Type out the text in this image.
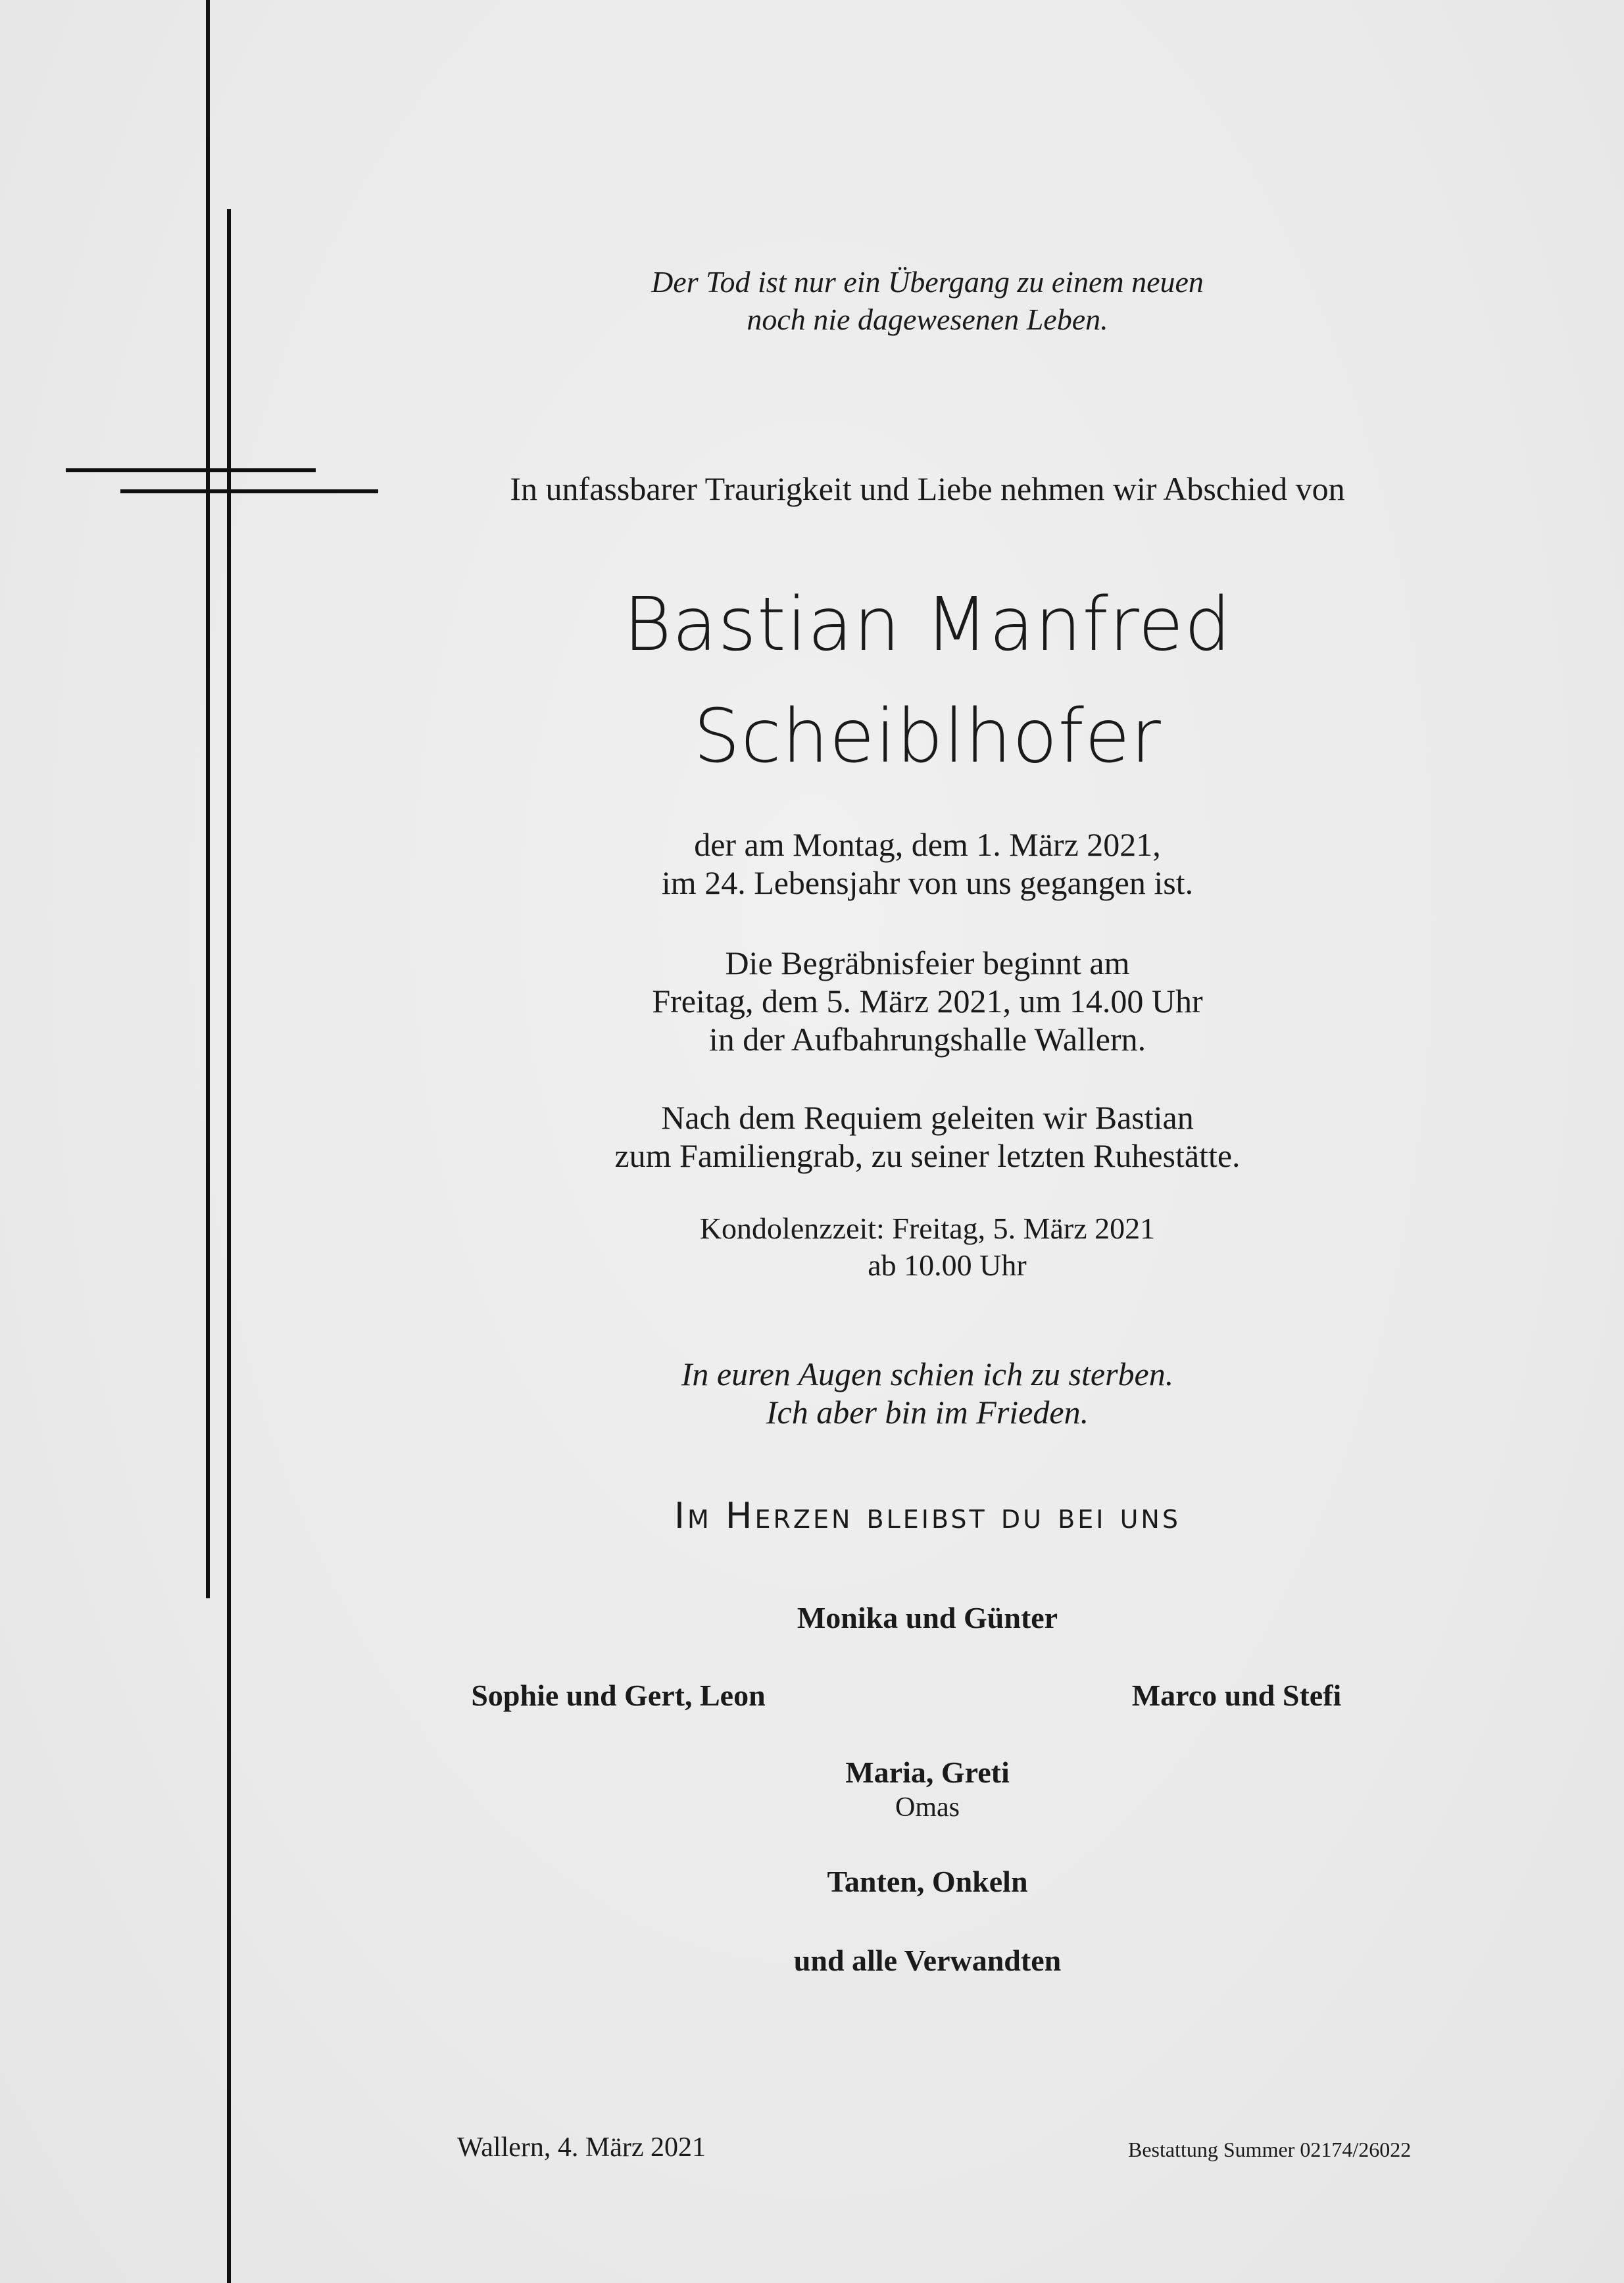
Der Tod ist nur ein Übergang zu einem neuen
noch nie dagewesenen Leben.
In unfassbarer Traurigkeit und Liebe nehmen wir Abschied von
Bastian Manfred
Scheiblhofer
der am Montag, dem 1. März 2021,
im 24. Lebensjahr von uns gegangen ist.
Die Begräbnisfeier beginnt am
Freitag, dem 5. März 2021, um 14.00 Uhr
in der Aufbahrungshalle Wallern.
Nach dem Requiem geleiten wir Bastian
zum Familiengrab, zu seiner letzten Ruhestätte.
Kondolenzzeit: Freitag, 5. März 2021
ab 10.00 Uhr
In euren Augen schien ich zu sterben.
Ich aber bin im Frieden.
Im Herzen bleibst du bei uns
Monika und Günter
Sophie und Gert, Leon	Marco und Stefi
Maria, Greti
Omas
Tanten, Onkeln
und alle Verwandten
Wallern, 4. März 2021	Bestattung Summer 02174/26022
